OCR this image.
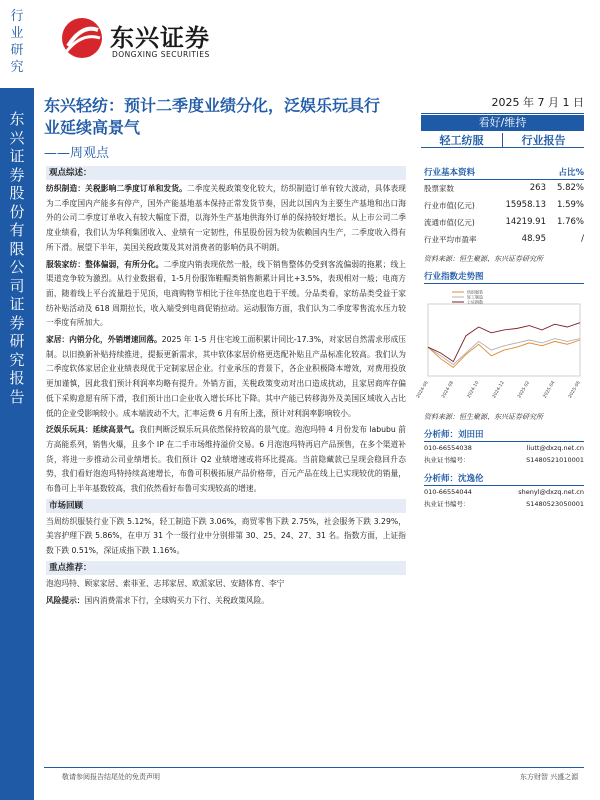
行
业
研
究
东
兴
证
券
股
份
有
限
公
司
证
券
研
究
报
告
东兴证券
DONGXING SECURITIES
东兴轻纺：预计二季度业绩分化，泛娱乐玩具行业延续高景气
——周观点
2025 年 7 月 1 日
看好/维持
轻工纺服	行业报告
观点综述：
纺织制造：关税影响二季度订单和发货。二季度关税政策变化较大，纺织制造订单有较大波动，具体表现为二季度国内产能多有停产，国外产能基地基本保持正常发货节奏，因此以国内为主要生产基地和出口海外的公司二季度订单收入有较大幅度下滑，以海外生产基地供海外订单的保持较好增长。从上市公司二季度业绩看，我们认为华利集团收入、业绩有一定韧性，伟星股份因为较为依赖国内生产，二季度收入得有所下滑。展望下半年，美国关税政策及其对消费者的影响仍具不明朗。
服装家纺：整体偏弱，有所分化。二季度内销表现依然一般，线下销售整体仍受到客流偏弱的拖累；线上渠道竞争较为激烈。从行业数据看，1-5月份服饰鞋帽类销售额累计同比+3.5%，表现相对一般；电商方面，随着线上平台流量趋于见顶，电商购物节相比于往年热度也趋于平缓。分品类看，家纺品类受益于家纺补贴活动及 618 周期拉长，收入端受到电商促销拉动。运动服饰方面，我们认为二季度零售流水压力较一季度有所加大。
家居：内销分化，外销增速回落。2025 年 1-5 月住宅竣工面积累计同比-17.3%，对家居自然需求形成压制。以旧换新补贴持续推进，提振更新需求，其中软体家居价格更迭配补贴且产品标准化较高。我们认为二季度软体家居企业业绩表现优于定制家居企业。行业承压的背景下，各企业积极降本增效，对费用投放更加谨慎，因此我们预计利润率均略有提升。外销方面，关税政策变动对出口造成扰动，且家居商库存偏低下采购意愿有所下滑，我们预计出口企业收入增长环比下降。其中产能已转移海外及美国区域收入占比低的企业受影响较小。成本端波动不大，汇率运费 6 月有所上涨，预计对利润率影响较小。
泛娱乐玩具：延续高景气。我们判断泛娱乐玩具依然保持较高的景气度。泡泡玛特 4 月份发布 labubu 前方高能系列，销售火爆，且多个 IP 在二手市场维持溢价交易。6 月泡泡玛特再启产品预售，在多个渠道补货，将进一步推动公司业绩增长。我们预计 Q2 业绩增速或将环比提高。当前隐藏款已呈现会稳回升态势，我们看好泡泡玛特持续高速增长，布鲁可积极拓展产品价格带，百元产品在线上已实现较优的销量，布鲁可上半年基数较高，我们依然看好布鲁可实现较高的增速。
市场回顾
当周纺织服装行业下跌 5.12%，轻工制造下跌 3.06%，商贸零售下跌 2.75%，社会服务下跌 3.29%，美容护理下跌 5.86%，在申万 31 个一级行业中分别排第 30、25、24、27、31 名。指数方面，上证指数下跌 0.51%，深证成指下跌 1.16%。
重点推荐：
泡泡玛特、顾家家居、索菲亚、志邦家居、欧派家居、安踏体育、李宁
风险提示：国内消费需求下行，全球购买力下行、关税政策风险。
行业基本资料	占比%
股票家数	263	5.82%
行业市值(亿元)	15958.13	1.59%
流通市值(亿元)	14219.91	1.76%
行业平均市盈率	48.95	/
资料来源：恒生聚源、东兴证券研究所
行业指数走势图
纺织服装
轻工制造
上证指数
2024-06	2024-08	2024-10	2024-12	2025-02	2025-04	2025-06
资料来源：恒生聚源、东兴证券研究所
分析师：刘田田
010-66554038	liutt@dxzq.net.cn
执业证书编号：	S1480521010001
分析师：沈逸伦
010-66554044	shenyl@dxzq.net.cn
执业证书编号：	S1480523050001
敬请参阅报告结尾处的免责声明	东方财智 兴盛之源
